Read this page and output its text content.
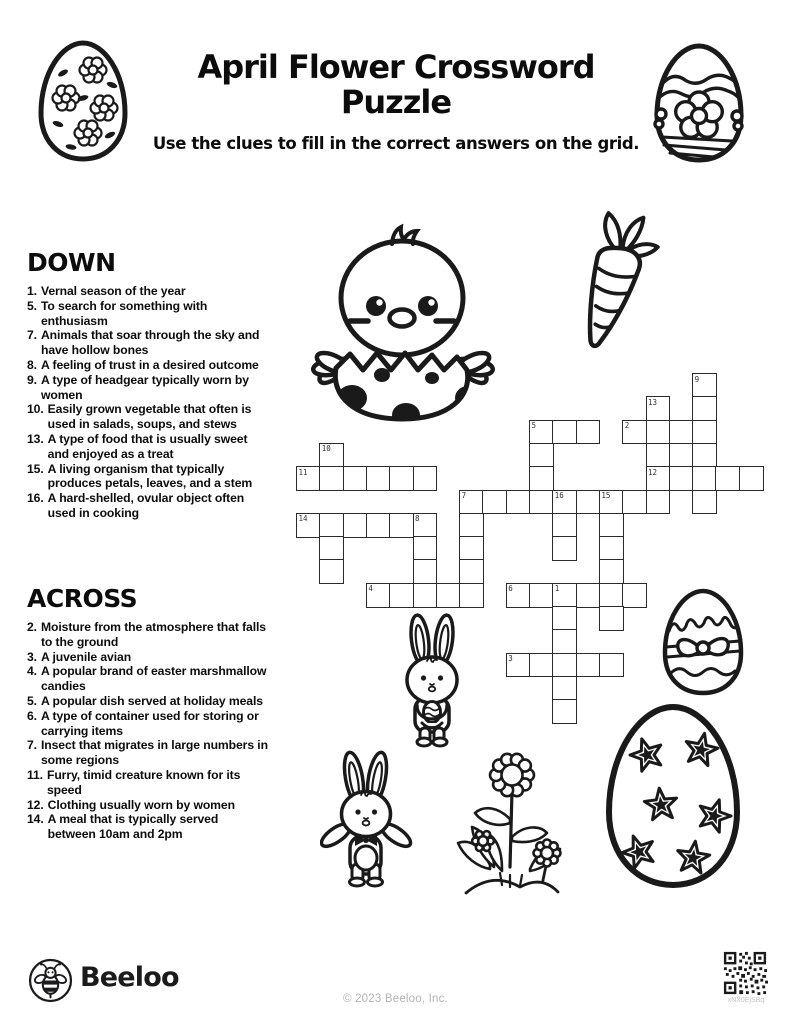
April Flower Crossword Puzzle
Use the clues to fill in the correct answers on the grid.
DOWN
1. Vernal season of the year
5. To search for something with enthusiasm
7. Animals that soar through the sky and have hollow bones
8. A feeling of trust in a desired outcome
9. A type of headgear typically worn by women
10. Easily grown vegetable that often is used in salads, soups, and stews
13. A type of food that is usually sweet and enjoyed as a treat
15. A living organism that typically produces petals, leaves, and a stem
16. A hard-shelled, ovular object often used in cooking
ACROSS
2. Moisture from the atmosphere that falls to the ground
3. A juvenile avian
4. A popular brand of easter marshmallow candies
5. A popular dish served at holiday meals
6. A type of container used for storing or carrying items
7. Insect that migrates in large numbers in some regions
11. Furry, timid creature known for its speed
12. Clothing usually worn by women
14. A meal that is typically served between 10am and 2pm
9
13
5	2
10
11	12
7	16	15
14	8
4	6	1
3
Beeloo
© 2023 Beeloo, Inc.	xNX0EjSBq
